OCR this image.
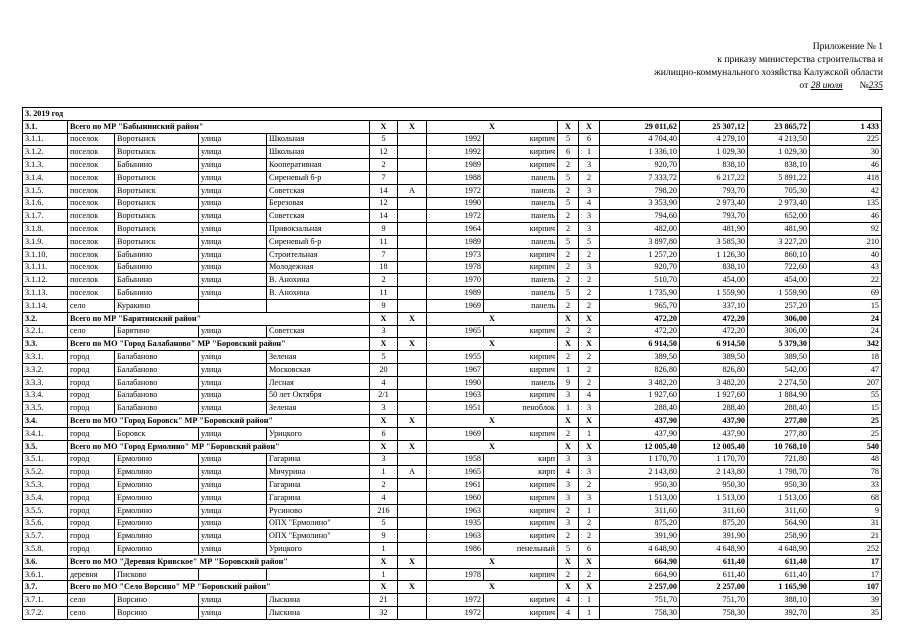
Приложение № 1
к приказу министерства строительства и
жилищно-коммунального хозяйства Калужской области
от 28 июля №235
3. 2019 год														
3.1.	Всего по МР "Бабынинский район"				X	X	X		X	X	29 011,62	25 307,12	23 865,72	1 433
3.1.1.	поселок	Воротынск	улица	Школьная	5		1992	кирпич	5	6	4 704,40	4 279,10	4 213,50	225
3.1.2.	поселок	Воротынск	улица	Школьная	12		1992	кирпич	6	1	1 336,10	1 029,30	1 029,30	30
3.1.3.	поселок	Бабынино	улица	Кооперативная	2		1989	кирпич	2	3	920,70	838,10	838,10	46
3.1.4.	поселок	Воротынск	улица	Сиреневый б-р	7		1988	панель	5	2	7 333,72	6 217,22	5 891,22	418
3.1.5.	поселок	Воротынск	улица	Советская	14	А	1972	панель	2	3	798,20	793,70	705,30	42
3.1.6.	поселок	Воротынск	улица	Березовая	12		1990	панель	5	4	3 353,90	2 973,40	2 973,40	135
3.1.7.	поселок	Воротынск	улица	Советская	14		1972	панель	2	3	794,60	793,70	652,00	46
3.1.8.	поселок	Воротынск	улица	Привокзальная	9		1964	кирпич	2	3	482,00	481,90	481,90	92
3.1.9.	поселок	Воротынск	улица	Сиреневый б-р	11		1989	панель	5	5	3 897,80	3 585,30	3 227,20	210
3.1.10.	поселок	Бабынино	улица	Строительная	7		1973	кирпич	2	2	1 257,20	1 126,30	860,10	40
3.1.11.	поселок	Бабынино	улица	Молодежная	18		1978	кирпич	2	3	920,70	838,10	722,60	43
3.1.12.	поселок	Бабынино	улица	В. Анохина	2		1970	панель	2	2	510,70	454,00	454,00	22
3.1.13.	поселок	Бабынино	улица	В. Анохина	11		1989	панель	5	2	1 735,90	1 559,90	1 559,90	69
3.1.14.	село	Куракино			9		1969	панель	2	2	965,70	337,10	257,20	15
3.2.	Всего по МР "Барятинский район"				X	X	X		X	X	472,20	472,20	306,00	24
3.2.1.	село	Барятино	улица	Советская	3		1965	кирпич	2	2	472,20	472,20	306,00	24
3.3.	Всего по МО "Город Балабаново" МР "Боровский район"				X	X	X		X	X	6 914,50	6 914,50	5 379,30	342
3.3.1.	город	Балабаново	улица	Зеленая	5		1955	кирпич	2	2	389,50	389,50	389,50	18
3.3.2.	город	Балабаново	улица	Московская	20		1967	кирпич	1	2	826,80	826,80	542,00	47
3.3.3.	город	Балабаново	улица	Лесная	4		1990	панель	9	2	3 482,20	3 482,20	2 274,50	207
3.3.4.	город	Балабаново	улица	50 лет Октября	2/1		1963	кирпич	3	4	1 927,60	1 927,60	1 884,90	55
3.3.5.	город	Балабаново	улица	Зеленая	3		1951	пеноблок	1	3	288,40	288,40	288,40	15
3.4.	Всего по МО "Город Боровск" МР "Боровский район"				X	X	X		X	X	437,90	437,90	277,80	25
3.4.1.	город	Боровск	улица	Урицкого	6		1969	кирпич	2	1	437,90	437,90	277,80	25
3.5.	Всего по МО "Город Ермолино" МР "Боровский район"				X	X	X		X	X	12 005,40	12 005,40	10 768,10	540
3.5.1.	город	Ермолино	улица	Гагарина	3		1958	кирп	3	3	1 170,70	1 170,70	721,80	48
3.5.2.	город	Ермолино	улица	Мичурина	1	А	1965	кирп	4	3	2 143,80	2 143,80	1 798,70	78
3.5.3.	город	Ермолино	улица	Гагарина	2		1961	кирпич	3	2	950,30	950,30	950,30	33
3.5.4.	город	Ермолино	улица	Гагарина	4		1960	кирпич	3	3	1 513,00	1 513,00	1 513,00	68
3.5.5.	город	Ермолино	улица	Русиново	216		1963	кирпич	2	1	311,60	311,60	311,60	9
3.5.6.	город	Ермолино	улица	ОПХ "Ермолино"	5		1935	кирпич	3	2	875,20	875,20	564,90	31
3.5.7.	город	Ермолино	улица	ОПХ "Ермолино"	9		1963	кирпич	2	2	391,90	391,90	258,90	21
3.5.8.	город	Ермолино	улица	Урицкого	1		1986	пенельный	5	6	4 648,90	4 648,90	4 648,90	252
3.6.	Всего по МО "Деревня Кривское" МР "Боровский район"				X	X	X		X	X	664,90	611,40	611,40	17
3.6.1.	деревня	Писково			1		1978	кирпич	2	2	664,90	611,40	611,40	17
3.7.	Всего по МО "Село Ворсино" МР "Боровский район"				X	X	X		X	X	2 257,00	2 257,00	1 165,90	107
3.7.1.	село	Ворсино	улица	Лыскина	21		1972	кирпич	4	1	751,70	751,70	388,10	39
3.7.2.	село	Ворсино	улица	Лыскина	32		1972	кирпич	4	1	758,30	758,30	392,70	35
